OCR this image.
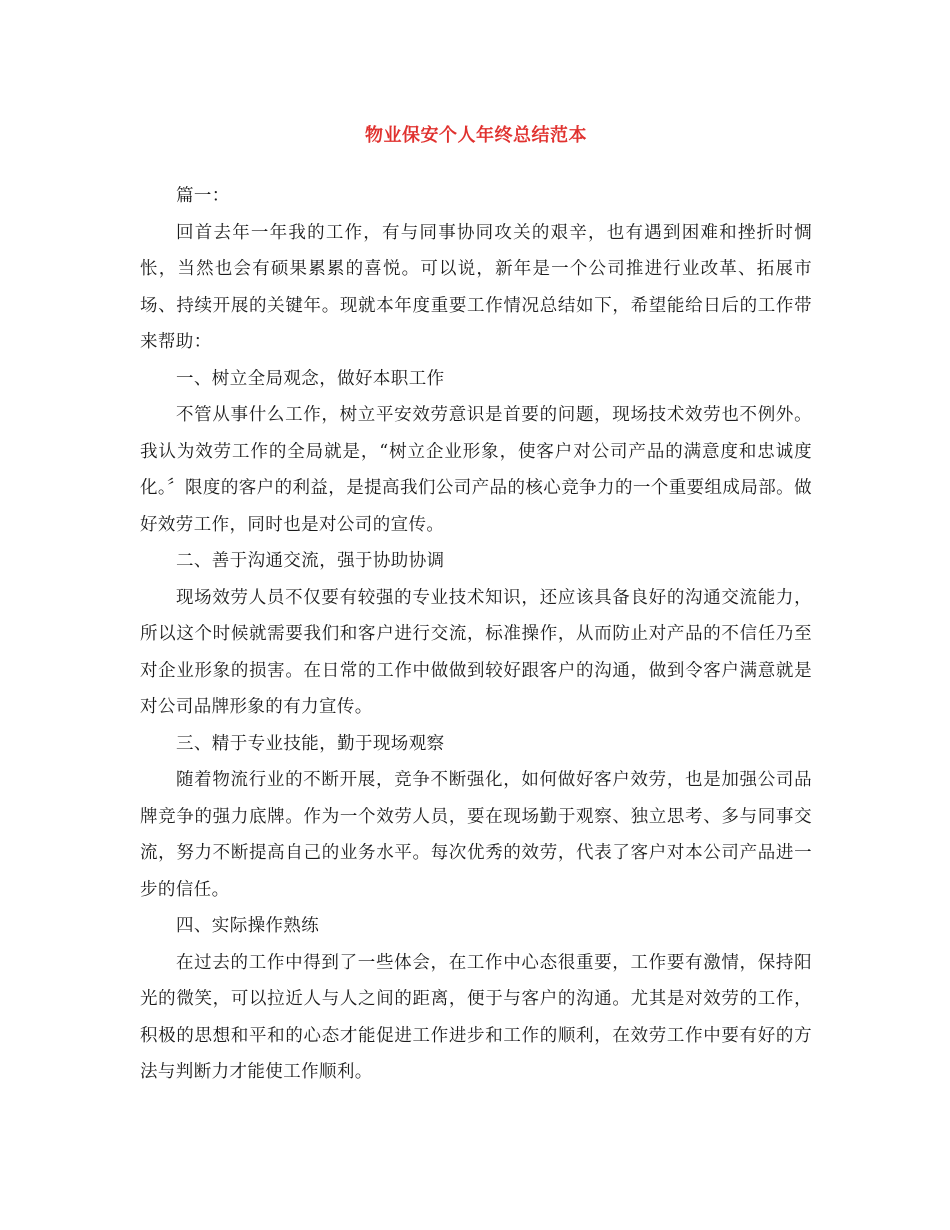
物业保安个人年终总结范本

篇一：

回首去年一年我的工作，有与同事协同攻关的艰辛，也有遇到困难和挫折时惆怅，当然也会有硕果累累的喜悦。可以说，新年是一个公司推进行业改革、拓展市场、持续开展的关键年。现就本年度重要工作情况总结如下，希望能给日后的工作带来帮助：

一、树立全局观念，做好本职工作

不管从事什么工作，树立平安效劳意识是首要的问题，现场技术效劳也不例外。我认为效劳工作的全局就是，“树立企业形象，使客户对公司产品的满意度和忠诚度化。〞限度的客户的利益，是提高我们公司产品的核心竞争力的一个重要组成局部。做好效劳工作，同时也是对公司的宣传。

二、善于沟通交流，强于协助协调

现场效劳人员不仅要有较强的专业技术知识，还应该具备良好的沟通交流能力，所以这个时候就需要我们和客户进行交流，标准操作，从而防止对产品的不信任乃至对企业形象的损害。在日常的工作中做做到较好跟客户的沟通，做到令客户满意就是对公司品牌形象的有力宣传。

三、精于专业技能，勤于现场观察

随着物流行业的不断开展，竞争不断强化，如何做好客户效劳，也是加强公司品牌竞争的强力底牌。作为一个效劳人员，要在现场勤于观察、独立思考、多与同事交流，努力不断提高自己的业务水平。每次优秀的效劳，代表了客户对本公司产品进一步的信任。

四、实际操作熟练

在过去的工作中得到了一些体会，在工作中心态很重要，工作要有激情，保持阳光的微笑，可以拉近人与人之间的距离，便于与客户的沟通。尤其是对效劳的工作，积极的思想和平和的心态才能促进工作进步和工作的顺利，在效劳工作中要有好的方法与判断力才能使工作顺利。
